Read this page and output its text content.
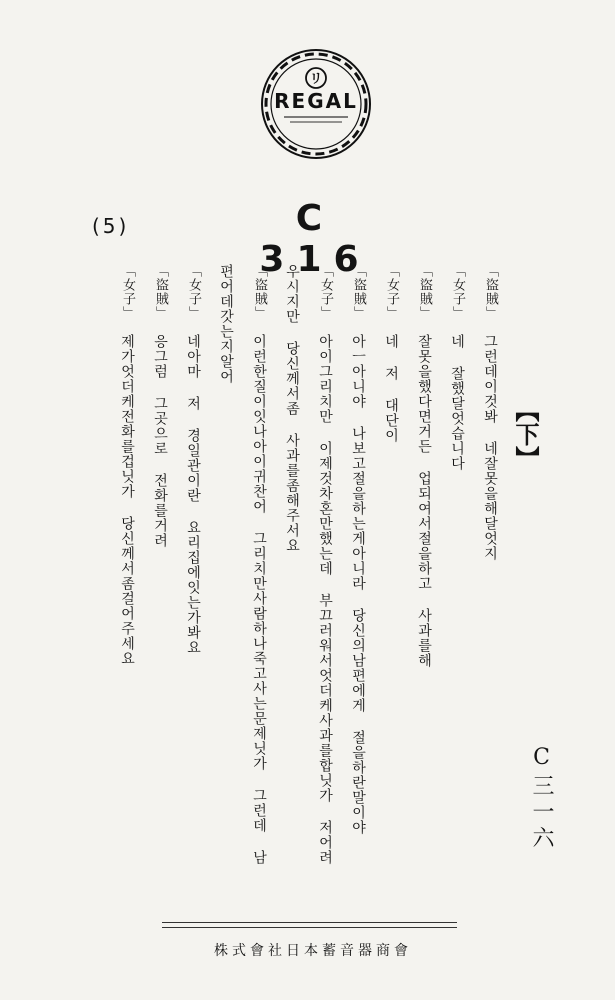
リ
REGAL
C 316
(5)
【下】
C三一六
「盜賊」그런데이것봐 네잘못을해달엇지
「女子」네 잘했달엇습니다
「盜賊」잘못을했다면거든 업되여서절을하고 사과를해
「女子」네 저 대단이
「盜賊」아ㅡ아니야 나보고절을하는게아니라 당신의남편에게 절을하란말이야
「女子」아이그리치만 이제것차혼만했는데 부끄러워서엇더케사과를합닛가 저어려
우시지만 당신께서좀 사과를좀해주서요
「盜賊」이런한질이잇나아이귀찬어 그리치만사람하나죽고사는문제닛가 그런데 남
편어데갓는지알어
「女子」네아마 저 경일관이란 요리집에잇는가봐요
「盜賊」응그럼 그곳으로 전화를거려
「女子」제가엇더케전화를겁닛가 당신께서좀걸어주세요
株式會社日本蓄音器商會
